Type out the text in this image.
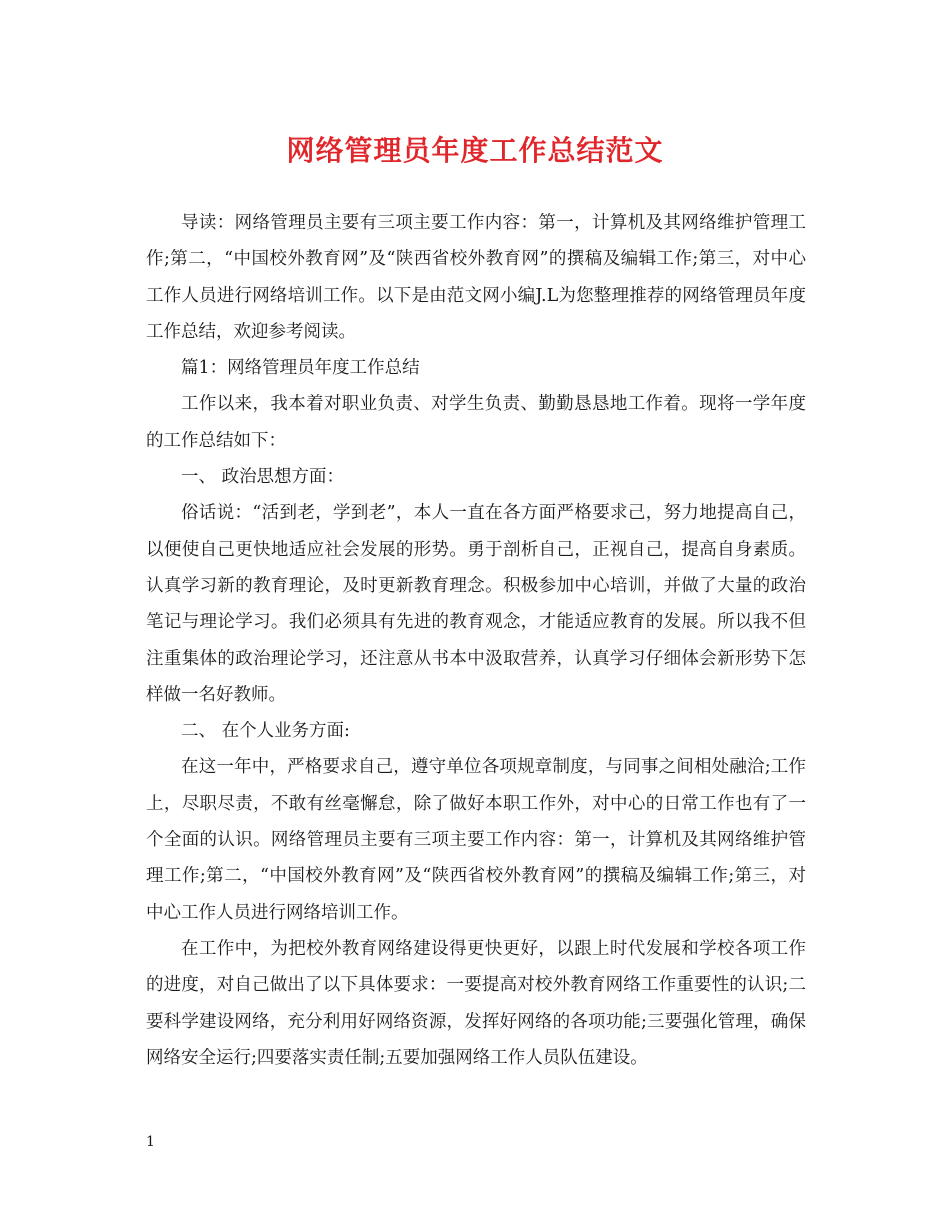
网络管理员年度工作总结范文

导读：网络管理员主要有三项主要工作内容：第一，计算机及其网络维护管理工作;第二，“中国校外教育网”及“陕西省校外教育网”的撰稿及编辑工作;第三，对中心工作人员进行网络培训工作。以下是由范文网小编J.L为您整理推荐的网络管理员年度工作总结，欢迎参考阅读。

篇1：网络管理员年度工作总结

工作以来，我本着对职业负责、对学生负责、勤勤恳恳地工作着。现将一学年度的工作总结如下：

一、 政治思想方面：

俗话说：“活到老，学到老”，本人一直在各方面严格要求己，努力地提高自己，以便使自己更快地适应社会发展的形势。勇于剖析自己，正视自己，提高自身素质。认真学习新的教育理论，及时更新教育理念。积极参加中心培训，并做了大量的政治笔记与理论学习。我们必须具有先进的教育观念，才能适应教育的发展。所以我不但注重集体的政治理论学习，还注意从书本中汲取营养，认真学习仔细体会新形势下怎样做一名好教师。

二、 在个人业务方面:

在这一年中，严格要求自己，遵守单位各项规章制度，与同事之间相处融洽;工作上，尽职尽责，不敢有丝毫懈怠，除了做好本职工作外，对中心的日常工作也有了一个全面的认识。网络管理员主要有三项主要工作内容：第一，计算机及其网络维护管理工作;第二，“中国校外教育网”及“陕西省校外教育网”的撰稿及编辑工作;第三，对中心工作人员进行网络培训工作。

在工作中，为把校外教育网络建设得更快更好，以跟上时代发展和学校各项工作的进度，对自己做出了以下具体要求：一要提高对校外教育网络工作重要性的认识;二要科学建设网络，充分利用好网络资源，发挥好网络的各项功能;三要强化管理，确保网络安全运行;四要落实责任制;五要加强网络工作人员队伍建设。

1
